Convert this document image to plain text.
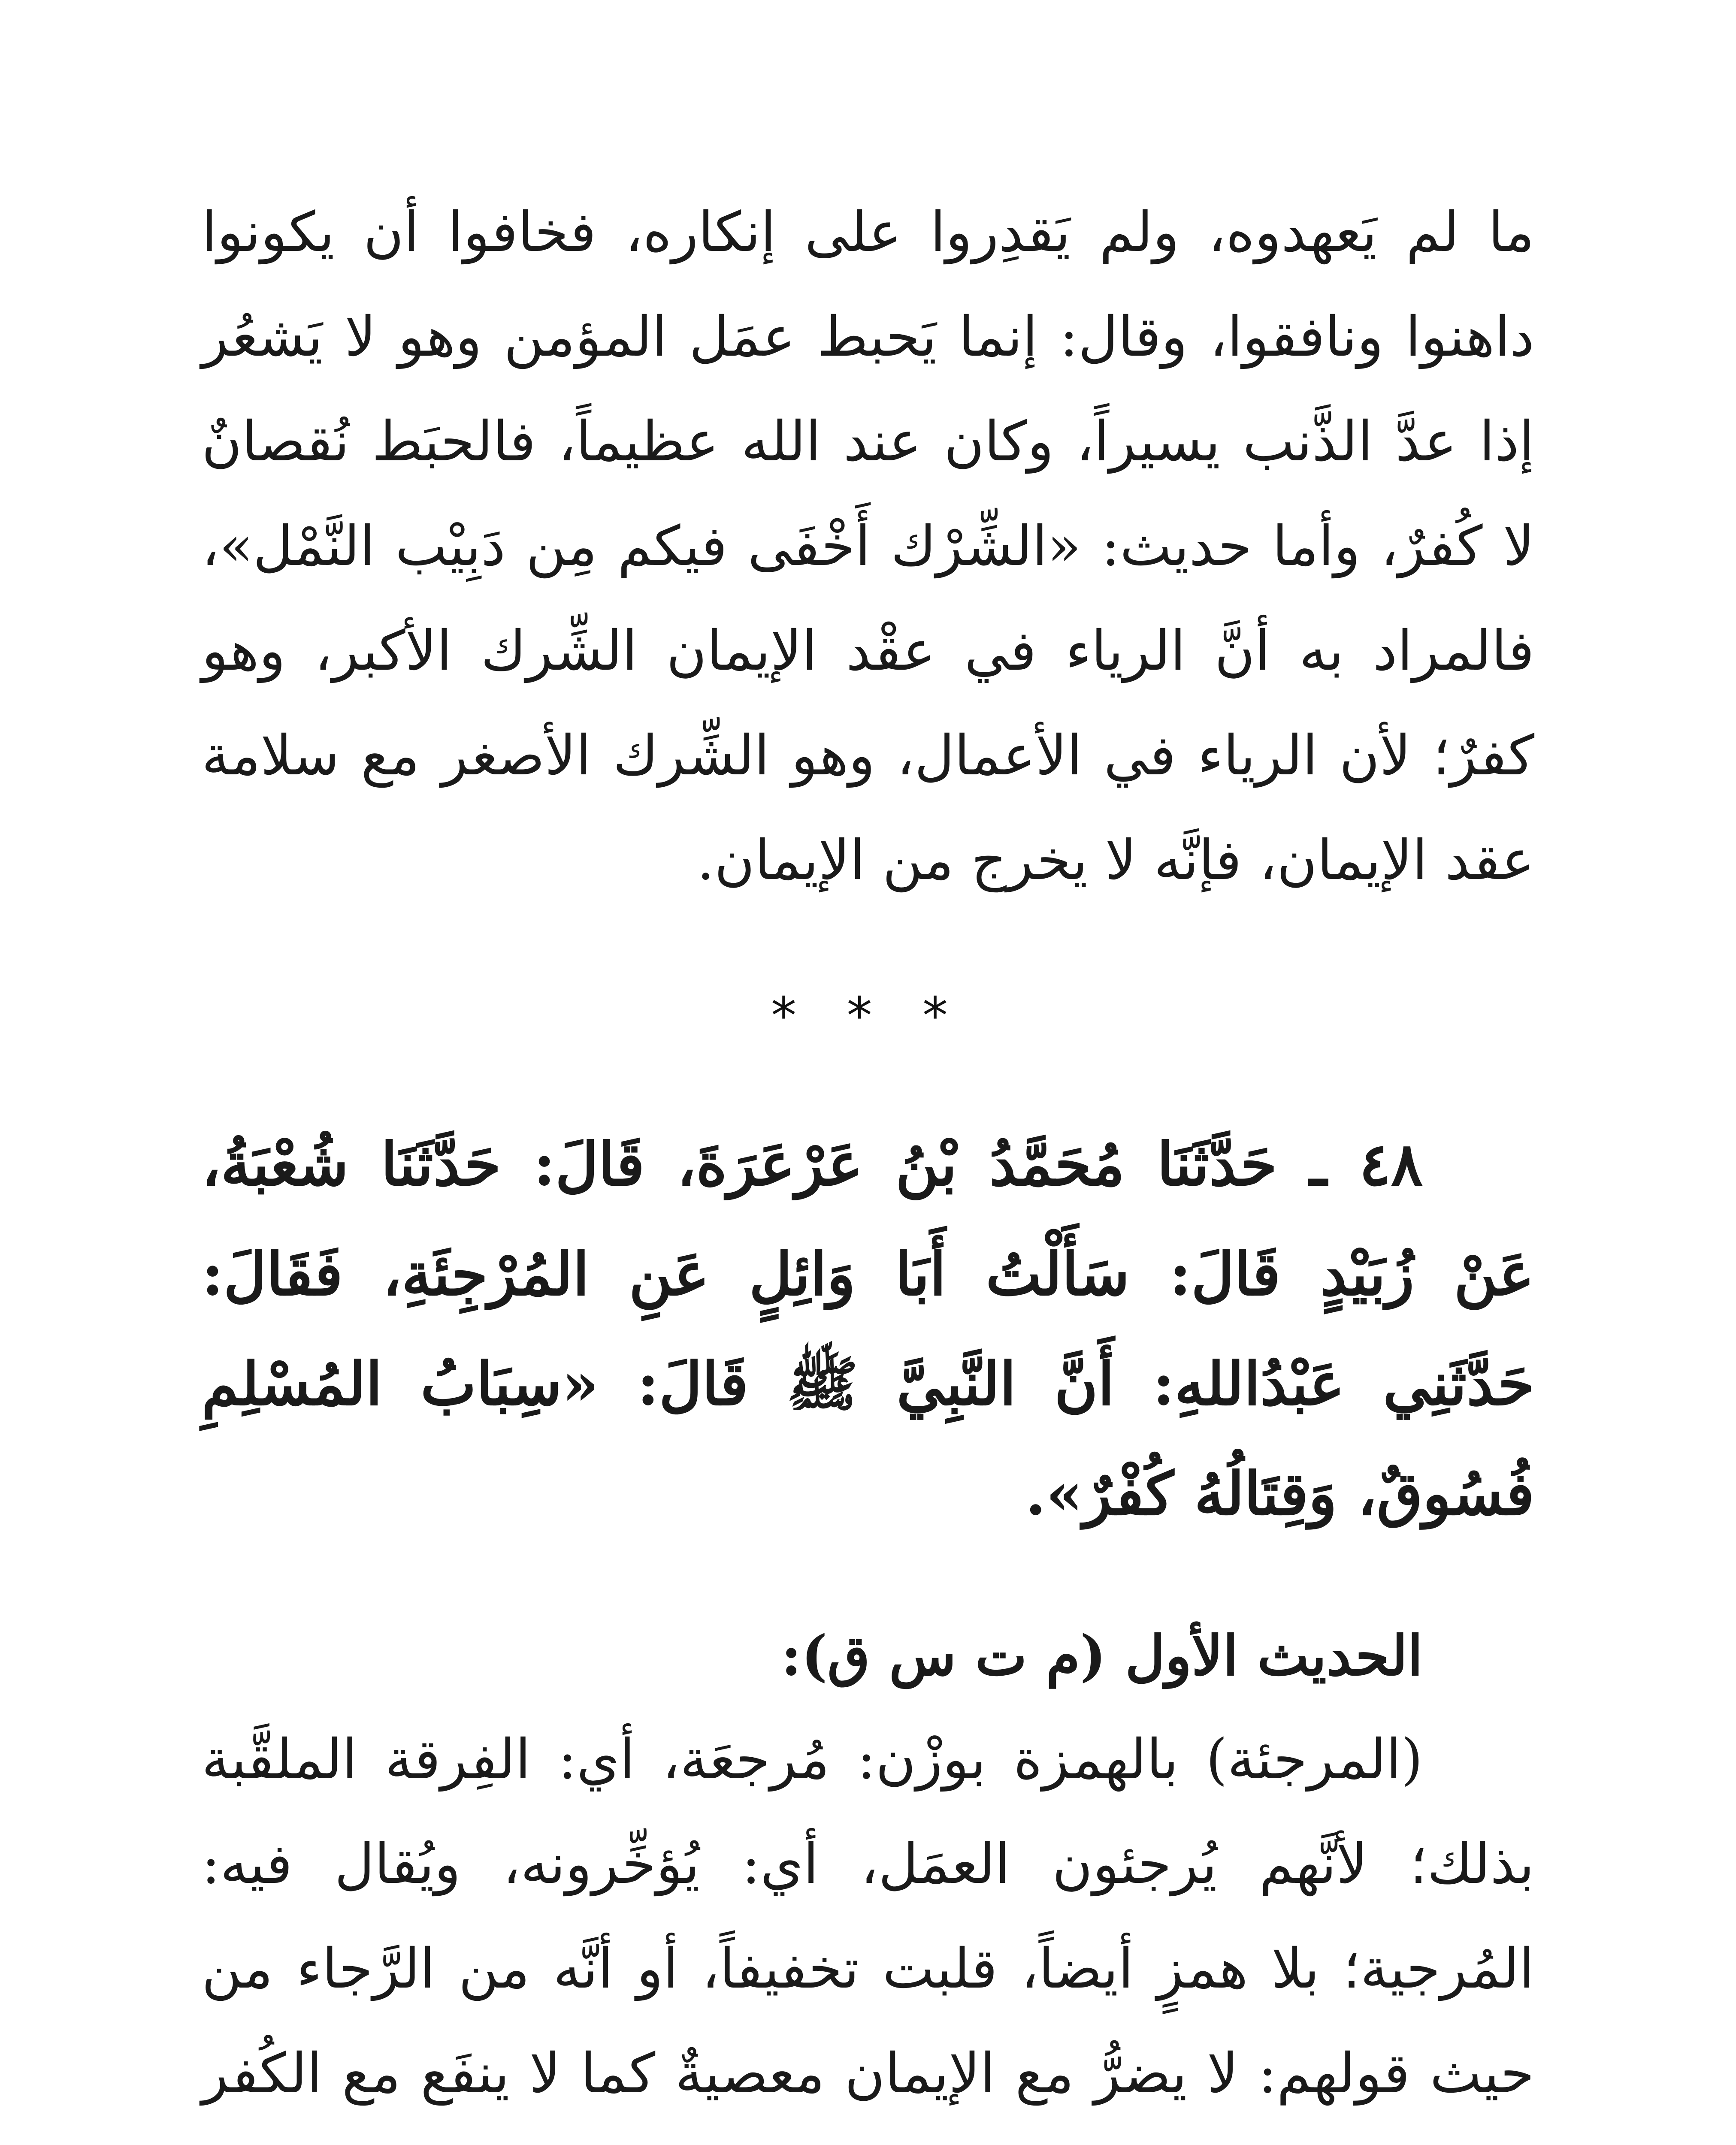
ما لم يَعهدوه، ولم يَقدِروا على إنكاره، فخافوا أن يكونوا داهنوا ونافقوا، وقال: إنما يَحبط عمَل المؤمن وهو لا يَشعُر إذا عدَّ الذَّنب يسيراً، وكان عند الله عظيماً، فالحبَط نُقصانٌ لا كُفرٌ، وأما حديث: «الشِّرْك أَخْفَى فيكم مِن دَبِيْب النَّمْل»، فالمراد به أنَّ الرياء في عقْد الإيمان الشِّرك الأكبر، وهو كفرٌ؛ لأن الرياء في الأعمال، وهو الشِّرك الأصغر مع سلامة عقد الإيمان، فإنَّه لا يخرج من الإيمان.

* * *

٤٨ ـ حَدَّثَنَا مُحَمَّدُ بْنُ عَرْعَرَةَ، قَالَ: حَدَّثَنَا شُعْبَةُ، عَنْ زُبَيْدٍ قَالَ: سَأَلْتُ أَبَا وَائِلٍ عَنِ المُرْجِئَةِ، فَقَالَ: حَدَّثَنِي عَبْدُاللهِ: أَنَّ النَّبِيَّ ﷺ قَالَ: «سِبَابُ المُسْلِمِ فُسُوقٌ، وَقِتَالُهُ كُفْرٌ».

الحديث الأول (م ت س ق):

(المرجئة) بالهمزة بوزْن: مُرجعَة، أي: الفِرقة الملقَّبة بذلك؛ لأنَّهم يُرجئون العمَل، أي: يُؤخِّرونه، ويُقال فيه: المُرجية؛ بلا همزٍ أيضاً، قلبت تخفيفاً، أو أنَّه من الرَّجاء من حيث قولهم: لا يضرُّ مع الإيمان معصيةٌ كما لا ينفَع مع الكُفر
